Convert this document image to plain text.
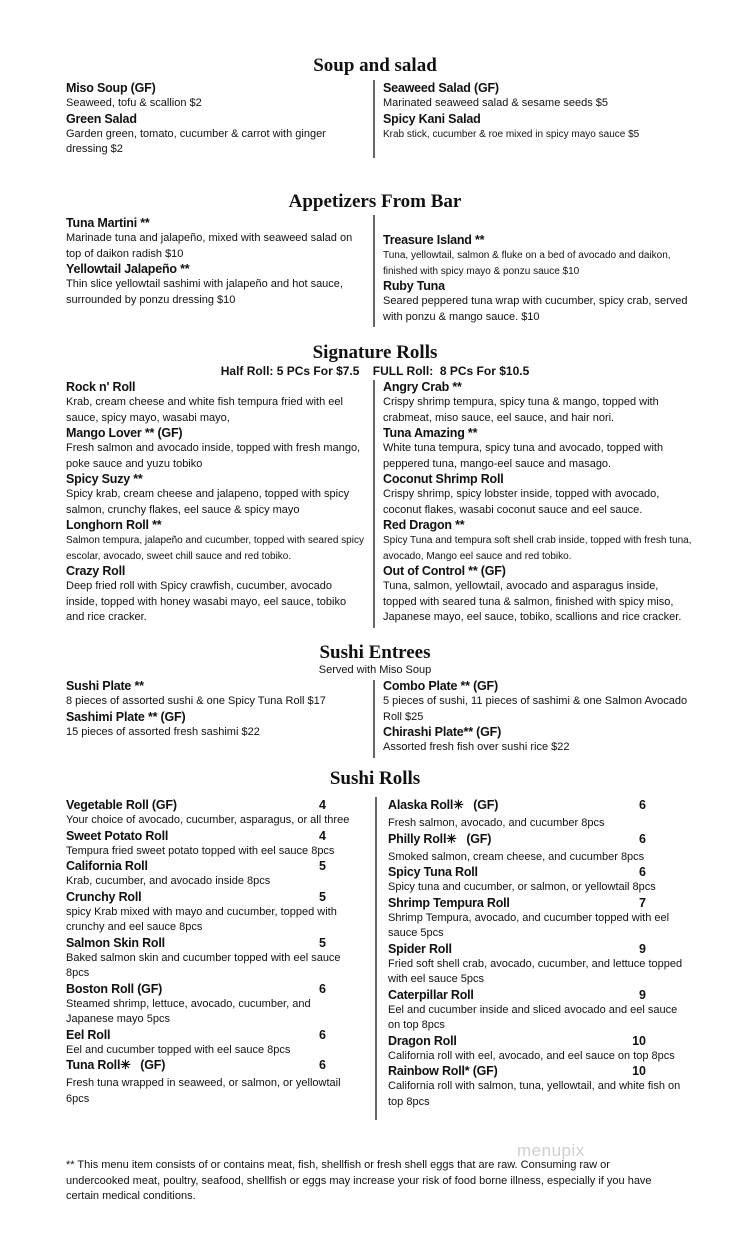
Soup and salad
Miso Soup (GF)
Seaweed, tofu & scallion $2
Green Salad
Garden green, tomato, cucumber & carrot with ginger dressing $2
Seaweed Salad (GF)
Marinated seaweed salad & sesame seeds $5
Spicy Kani Salad
Krab stick, cucumber & roe mixed in spicy mayo sauce $5
Appetizers From Bar
Tuna Martini **
Marinade tuna and jalapeño, mixed with seaweed salad on top of daikon radish $10
Yellowtail Jalapeño **
Thin slice yellowtail sashimi with jalapeño and hot sauce, surrounded by ponzu dressing $10
Treasure Island **
Tuna, yellowtail, salmon & fluke on a bed of avocado and daikon, finished with spicy mayo & ponzu sauce $10
Ruby Tuna
Seared peppered tuna wrap with cucumber, spicy crab, served with ponzu & mango sauce. $10
Signature Rolls
Half Roll: 5 PCs For $7.5    FULL Roll:  8 PCs For $10.5
Rock n' Roll
Krab, cream cheese and white fish tempura fried with eel sauce, spicy mayo, wasabi mayo,
Mango Lover ** (GF)
Fresh salmon and avocado inside, topped with fresh mango, poke sauce and yuzu tobiko
Spicy Suzy **
Spicy krab, cream cheese and jalapeno, topped with spicy salmon, crunchy flakes, eel sauce & spicy mayo
Longhorn Roll **
Salmon tempura, jalapeño and cucumber, topped with seared spicy escolar, avocado, sweet chill sauce and red tobiko.
Crazy Roll
Deep fried roll with Spicy crawfish, cucumber, avocado inside, topped with honey wasabi mayo, eel sauce, tobiko and rice cracker.
Angry Crab **
Crispy shrimp tempura, spicy tuna & mango, topped with crabmeat, miso sauce, eel sauce, and hair nori.
Tuna Amazing **
White tuna tempura, spicy tuna and avocado, topped with peppered tuna, mango-eel sauce and masago.
Coconut Shrimp Roll
Crispy shrimp, spicy lobster inside, topped with avocado, coconut flakes, wasabi coconut sauce and eel sauce.
Red Dragon **
Spicy Tuna and tempura soft shell crab inside, topped with fresh tuna, avocado, Mango eel sauce and red tobiko.
Out of Control ** (GF)
Tuna, salmon, yellowtail, avocado and asparagus inside, topped with seared tuna & salmon, finished with spicy miso, Japanese mayo, eel sauce, tobiko, scallions and rice cracker.
Sushi Entrees
Served with Miso Soup
Sushi Plate **
8 pieces of assorted sushi & one Spicy Tuna Roll $17
Sashimi Plate ** (GF)
15 pieces of assorted fresh sashimi $22
Combo Plate ** (GF)
5 pieces of sushi, 11 pieces of sashimi & one Salmon Avocado Roll $25
Chirashi Plate** (GF)
Assorted fresh fish over sushi rice $22
Sushi Rolls
Vegetable Roll (GF)	4
Your choice of avocado, cucumber, asparagus, or all three
Sweet Potato Roll	4
Tempura fried sweet potato topped with eel sauce 8pcs
California Roll	5
Krab, cucumber, and avocado inside 8pcs
Crunchy Roll	5
spicy Krab mixed with mayo and cucumber, topped with crunchy and eel sauce 8pcs
Salmon Skin Roll	5
Baked salmon skin and cucumber topped with eel sauce 8pcs
Boston Roll (GF)	6
Steamed shrimp, lettuce, avocado, cucumber, and Japanese mayo 5pcs
Eel Roll	6
Eel and cucumber topped with eel sauce 8pcs
Tuna Roll✳   (GF)	6
Fresh tuna wrapped in seaweed, or salmon, or yellowtail 6pcs
Alaska Roll✳   (GF)	6
Fresh salmon, avocado, and cucumber 8pcs
Philly Roll✳   (GF)	6
Smoked salmon, cream cheese, and cucumber 8pcs
Spicy Tuna Roll	6
Spicy tuna and cucumber, or salmon, or yellowtail 8pcs
Shrimp Tempura Roll	7
Shrimp Tempura, avocado, and cucumber topped with eel sauce 5pcs
Spider Roll	9
Fried soft shell crab, avocado, cucumber, and lettuce topped with eel sauce 5pcs
Caterpillar Roll	9
Eel and cucumber inside and sliced avocado and eel sauce on top 8pcs
Dragon Roll	10
California roll with eel, avocado, and eel sauce on top 8pcs
Rainbow Roll* (GF)	10
California roll with salmon, tuna, yellowtail, and white fish on top 8pcs
menupix
** This menu item consists of or contains meat, fish, shellfish or fresh shell eggs that are raw. Consuming raw or undercooked meat, poultry, seafood, shellfish or eggs may increase your risk of food borne illness, especially if you have certain medical conditions.
